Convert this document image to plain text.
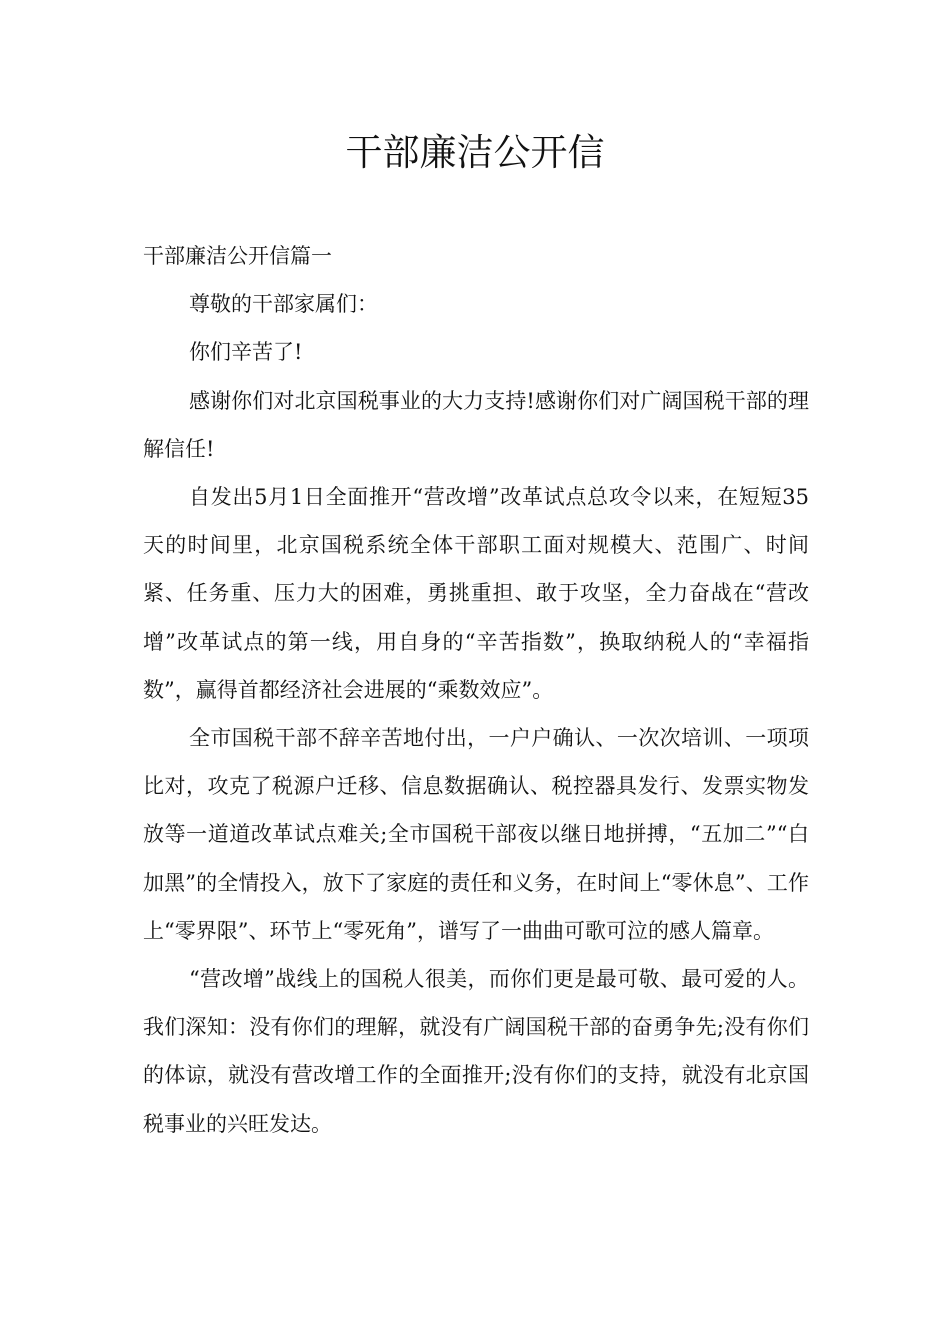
干部廉洁公开信

干部廉洁公开信篇一

尊敬的干部家属们：

你们辛苦了!

感谢你们对北京国税事业的大力支持!感谢你们对广阔国税干部的理解信任!

自发出5月1日全面推开“营改增”改革试点总攻令以来，在短短35天的时间里，北京国税系统全体干部职工面对规模大、范围广、时间紧、任务重、压力大的困难，勇挑重担、敢于攻坚，全力奋战在“营改增”改革试点的第一线，用自身的“辛苦指数”，换取纳税人的“幸福指数”，赢得首都经济社会进展的“乘数效应”。

全市国税干部不辞辛苦地付出，一户户确认、一次次培训、一项项比对，攻克了税源户迁移、信息数据确认、税控器具发行、发票实物发放等一道道改革试点难关;全市国税干部夜以继日地拼搏，“五加二”“白加黑”的全情投入，放下了家庭的责任和义务，在时间上“零休息”、工作上“零界限”、环节上“零死角”，谱写了一曲曲可歌可泣的感人篇章。

“营改增”战线上的国税人很美，而你们更是最可敬、最可爱的人。我们深知：没有你们的理解，就没有广阔国税干部的奋勇争先;没有你们的体谅，就没有营改增工作的全面推开;没有你们的支持，就没有北京国税事业的兴旺发达。
